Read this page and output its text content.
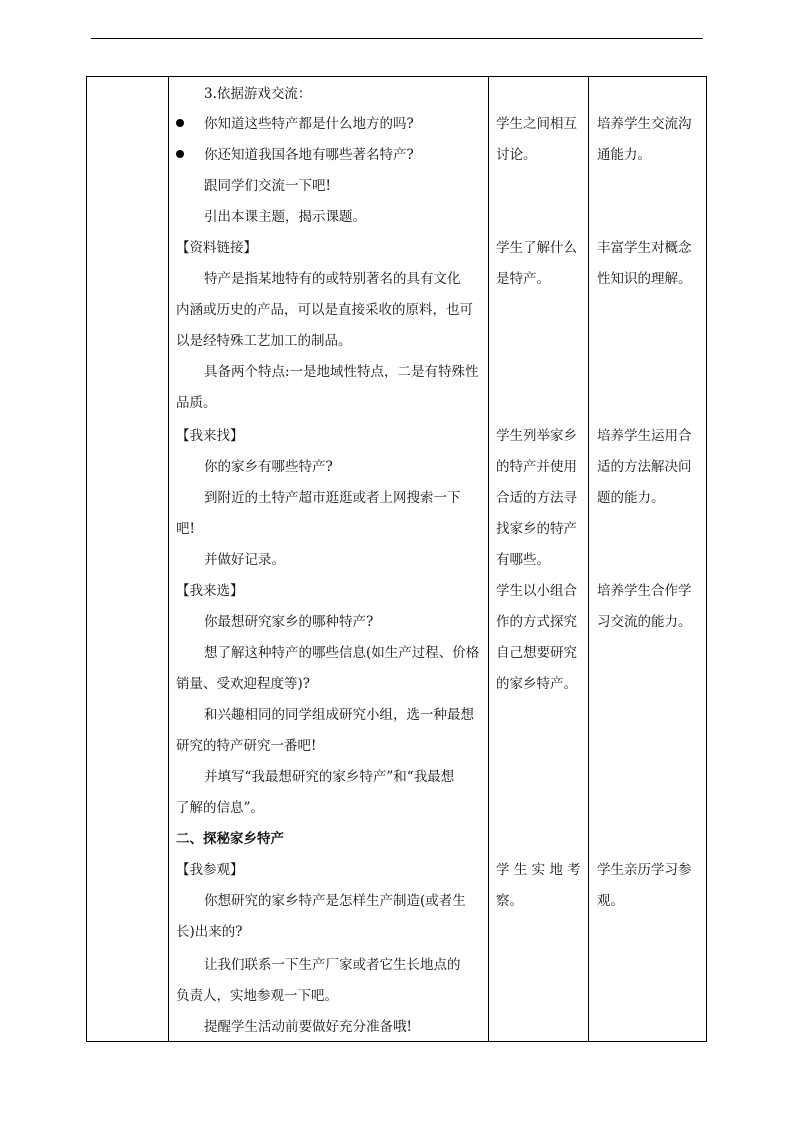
3.依据游戏交流：
你知道这些特产都是什么地方的吗?
你还知道我国各地有哪些著名特产?
跟同学们交流一下吧!
引出本课主题，揭示课题。
【资料链接】
特产是指某地特有的或特别著名的具有文化
内涵或历史的产品，可以是直接采收的原料，也可
以是经特殊工艺加工的制品。
具备两个特点:一是地域性特点，二是有特殊性
品质。
【我来找】
你的家乡有哪些特产?
到附近的土特产超市逛逛或者上网搜索一下
吧!
并做好记录。
【我来选】
你最想研究家乡的哪种特产?
想了解这种特产的哪些信息(如生产过程、价格
销量、受欢迎程度等)?
和兴趣相同的同学组成研究小组，选一种最想
研究的特产研究一番吧!
并填写“我最想研究的家乡特产”和“我最想
了解的信息”。
二、探秘家乡特产
【我参观】
你想研究的家乡特产是怎样生产制造(或者生
长)出来的?
让我们联系一下生产厂家或者它生长地点的
负责人，实地参观一下吧。
提醒学生活动前要做好充分准备哦!
学生之间相互
讨论。
学生了解什么
是特产。
学生列举家乡
的特产并使用
合适的方法寻
找家乡的特产
有哪些。
学生以小组合
作的方式探究
自己想要研究
的家乡特产。
学 生 实 地 考
察。
培养学生交流沟
通能力。
丰富学生对概念
性知识的理解。
培养学生运用合
适的方法解决问
题的能力。
培养学生合作学
习交流的能力。
学生亲历学习参
观。
